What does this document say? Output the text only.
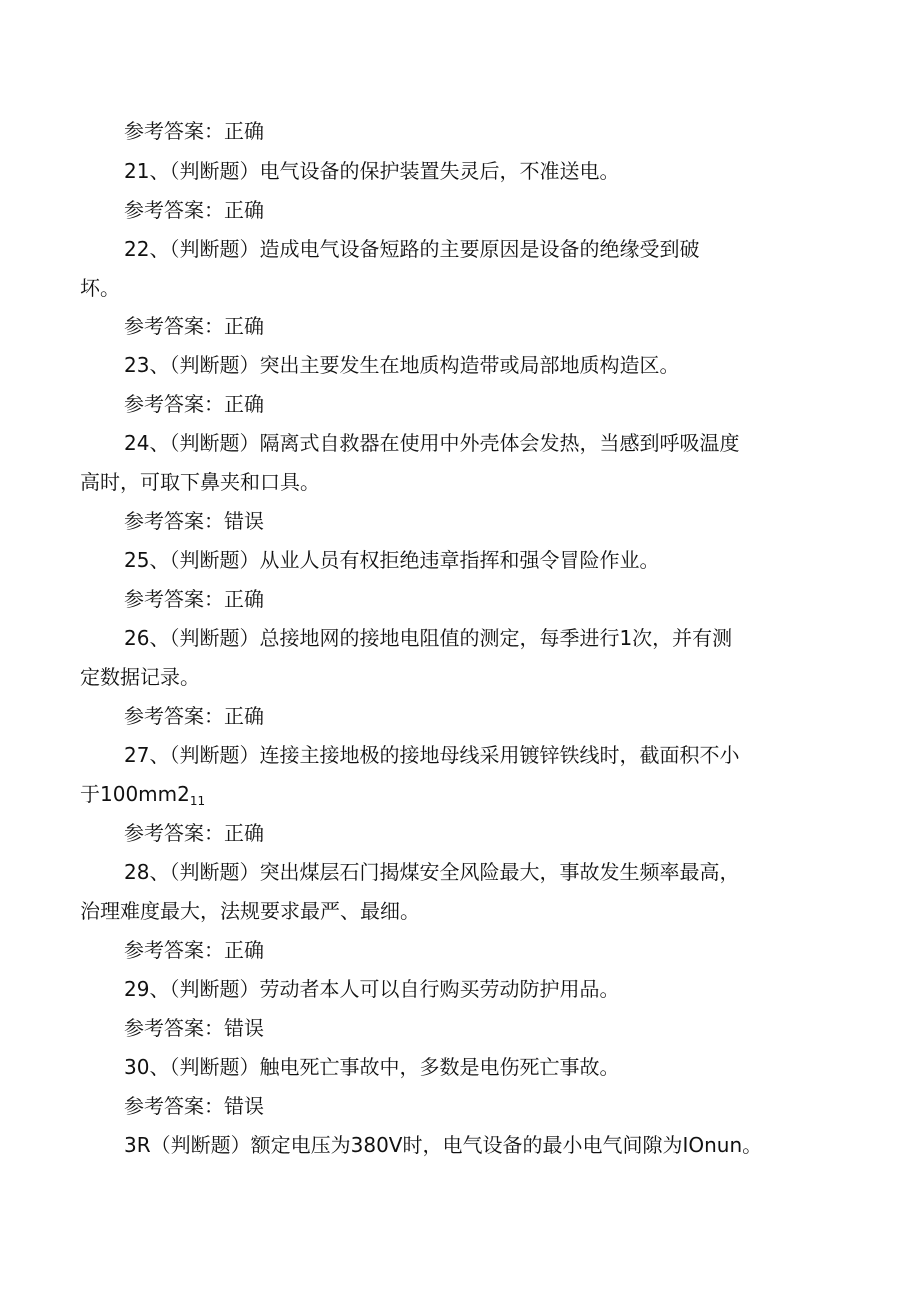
参考答案：正确
21、（判断题）电气设备的保护装置失灵后，不准送电。
参考答案：正确
22、（判断题）造成电气设备短路的主要原因是设备的绝缘受到破
坏。
参考答案：正确
23、（判断题）突出主要发生在地质构造带或局部地质构造区。
参考答案：正确
24、（判断题）隔离式自救器在使用中外壳体会发热，当感到呼吸温度
高时，可取下鼻夹和口具。
参考答案：错误
25、（判断题）从业人员有权拒绝违章指挥和强令冒险作业。
参考答案：正确
26、（判断题）总接地网的接地电阻值的测定，每季进行1次，并有测
定数据记录。
参考答案：正确
27、（判断题）连接主接地极的接地母线采用镀锌铁线时，截面积不小
于$100mm2_{11}$
参考答案：正确
28、（判断题）突出煤层石门揭煤安全风险最大，事故发生频率最高，
治理难度最大，法规要求最严、最细。
参考答案：正确
29、（判断题）劳动者本人可以自行购买劳动防护用品。
参考答案：错误
30、（判断题）触电死亡事故中，多数是电伤死亡事故。
参考答案：错误
3R（判断题）额定电压为380V时，电气设备的最小电气间隙为IOnun。
